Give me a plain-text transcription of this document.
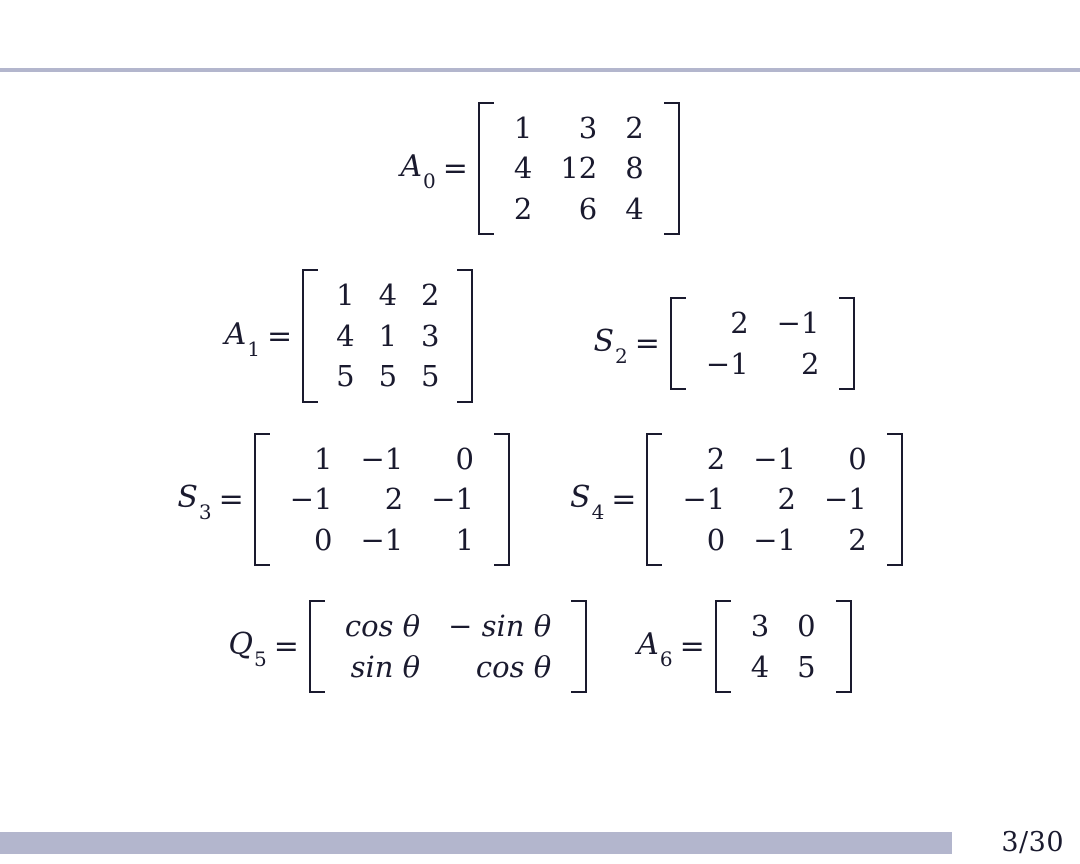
$A_0$ =
1	3 2
4 12 8
2	6 4
$A_1$ =
1 4 2
4 1 3
5 5 5
$S_2$ =
2 −1
−1	2
$S_3$ =
1 −1	0
−1	2 −1
0 −1	1
$S_4$ =
2 −1	0
−1	2 −1
0 −1	2
$Q_5$ =
cos θ − sin θ
sin θ	cos θ
$A_6$ =
3 0
4 5
3/30
